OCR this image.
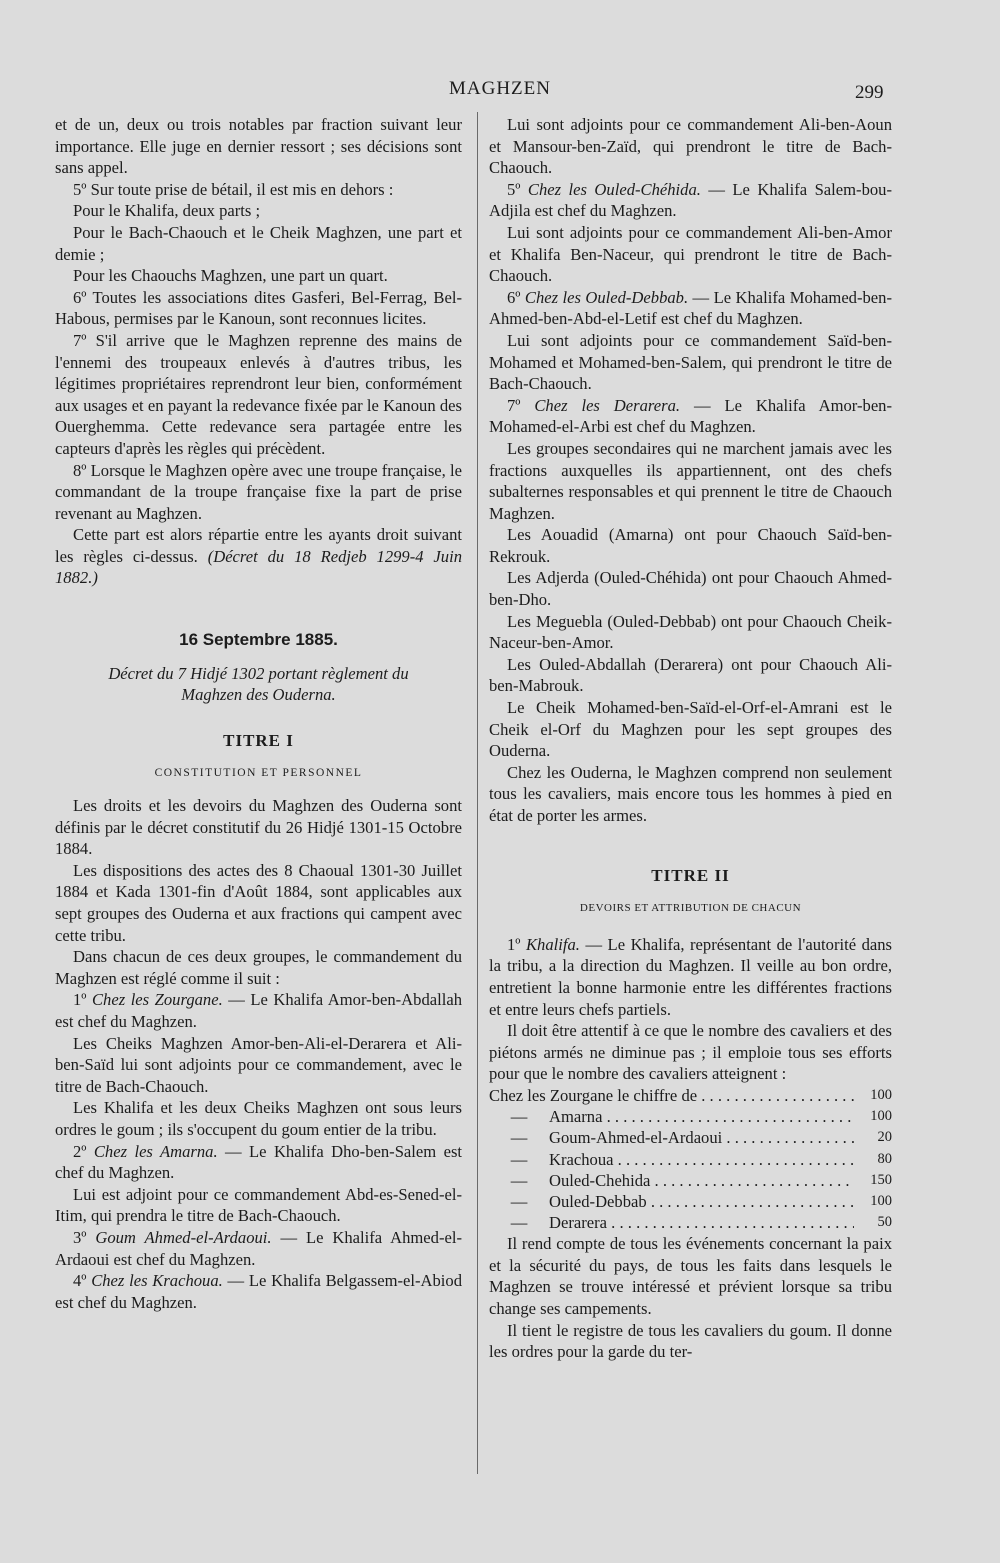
MAGHZEN	299

et de un, deux ou trois notables par fraction suivant leur importance. Elle juge en dernier ressort ; ses décisions sont sans appel.

5º Sur toute prise de bétail, il est mis en dehors :

Pour le Khalifa, deux parts ;

Pour le Bach-Chaouch et le Cheik Maghzen, une part et demie ;

Pour les Chaouchs Maghzen, une part un quart.

6º Toutes les associations dites Gasferi, Bel-Ferrag, Bel-Habous, permises par le Kanoun, sont reconnues licites.

7º S'il arrive que le Maghzen reprenne des mains de l'ennemi des troupeaux enlevés à d'autres tribus, les légitimes propriétaires reprendront leur bien, conformément aux usages et en payant la redevance fixée par le Kanoun des Ouerghemma. Cette redevance sera partagée entre les capteurs d'après les règles qui précèdent.

8º Lorsque le Maghzen opère avec une troupe française, le commandant de la troupe française fixe la part de prise revenant au Maghzen.

Cette part est alors répartie entre les ayants droit suivant les règles ci-dessus. (Décret du 18 Redjeb 1299-4 Juin 1882.)

16 Septembre 1885.
Décret du 7 Hidjé 1302 portant règlement du Maghzen des Ouderna.
TITRE I
CONSTITUTION ET PERSONNEL

Les droits et les devoirs du Maghzen des Ouderna sont définis par le décret constitutif du 26 Hidjé 1301-15 Octobre 1884.

Les dispositions des actes des 8 Chaoual 1301-30 Juillet 1884 et Kada 1301-fin d'Août 1884, sont applicables aux sept groupes des Ouderna et aux fractions qui campent avec cette tribu.

Dans chacun de ces deux groupes, le commandement du Maghzen est réglé comme il suit :

1º Chez les Zourgane. — Le Khalifa Amor-ben-Abdallah est chef du Maghzen.

Les Cheiks Maghzen Amor-ben-Ali-el-Derarera et Ali-ben-Saïd lui sont adjoints pour ce commandement, avec le titre de Bach-Chaouch.

Les Khalifa et les deux Cheiks Maghzen ont sous leurs ordres le goum ; ils s'occupent du goum entier de la tribu.

2º Chez les Amarna. — Le Khalifa Dho-ben-Salem est chef du Maghzen.

Lui est adjoint pour ce commandement Abd-es-Sened-el-Itim, qui prendra le titre de Bach-Chaouch.

3º Goum Ahmed-el-Ardaoui. — Le Khalifa Ahmed-el-Ardaoui est chef du Maghzen.

4º Chez les Krachoua. — Le Khalifa Belgassem-el-Abiod est chef du Maghzen.

Lui sont adjoints pour ce commandement Ali-ben-Aoun et Mansour-ben-Zaïd, qui prendront le titre de Bach-Chaouch.

5º Chez les Ouled-Chéhida. — Le Khalifa Salem-bou-Adjila est chef du Maghzen.

Lui sont adjoints pour ce commandement Ali-ben-Amor et Khalifa Ben-Naceur, qui prendront le titre de Bach-Chaouch.

6º Chez les Ouled-Debbab. — Le Khalifa Mohamed-ben-Ahmed-ben-Abd-el-Letif est chef du Maghzen.

Lui sont adjoints pour ce commandement Saïd-ben-Mohamed et Mohamed-ben-Salem, qui prendront le titre de Bach-Chaouch.

7º Chez les Derarera. — Le Khalifa Amor-ben-Mohamed-el-Arbi est chef du Maghzen.

Les groupes secondaires qui ne marchent jamais avec les fractions auxquelles ils appartiennent, ont des chefs subalternes responsables et qui prennent le titre de Chaouch Maghzen.

Les Aouadid (Amarna) ont pour Chaouch Saïd-ben-Rekrouk.

Les Adjerda (Ouled-Chéhida) ont pour Chaouch Ahmed-ben-Dho.

Les Meguebla (Ouled-Debbab) ont pour Chaouch Cheik-Naceur-ben-Amor.

Les Ouled-Abdallah (Derarera) ont pour Chaouch Ali-ben-Mabrouk.

Le Cheik Mohamed-ben-Saïd-el-Orf-el-Amrani est le Cheik el-Orf du Maghzen pour les sept groupes des Ouderna.

Chez les Ouderna, le Maghzen comprend non seulement tous les cavaliers, mais encore tous les hommes à pied en état de porter les armes.

TITRE II
DEVOIRS ET ATTRIBUTION DE CHACUN

1º Khalifa. — Le Khalifa, représentant de l'autorité dans la tribu, a la direction du Maghzen. Il veille au bon ordre, entretient la bonne harmonie entre les différentes fractions et entre leurs chefs partiels.

Il doit être attentif à ce que le nombre des cavaliers et des piétons armés ne diminue pas ; il emploie tous ses efforts pour que le nombre des cavaliers atteignent :

Chez les Zourgane le chiffre de . . .	100
—	Amarna . . .	100
—	Goum-Ahmed-el-Ardaoui . . .	20
—	Krachoua . . .	80
—	Ouled-Chehida . . .	150
—	Ouled-Debbab . . .	100
—	Derarera . . .	50

Il rend compte de tous les événements concernant la paix et la sécurité du pays, de tous les faits dans lesquels le Maghzen se trouve intéressé et prévient lorsque sa tribu change ses campements.

Il tient le registre de tous les cavaliers du goum. Il donne les ordres pour la garde du ter-
